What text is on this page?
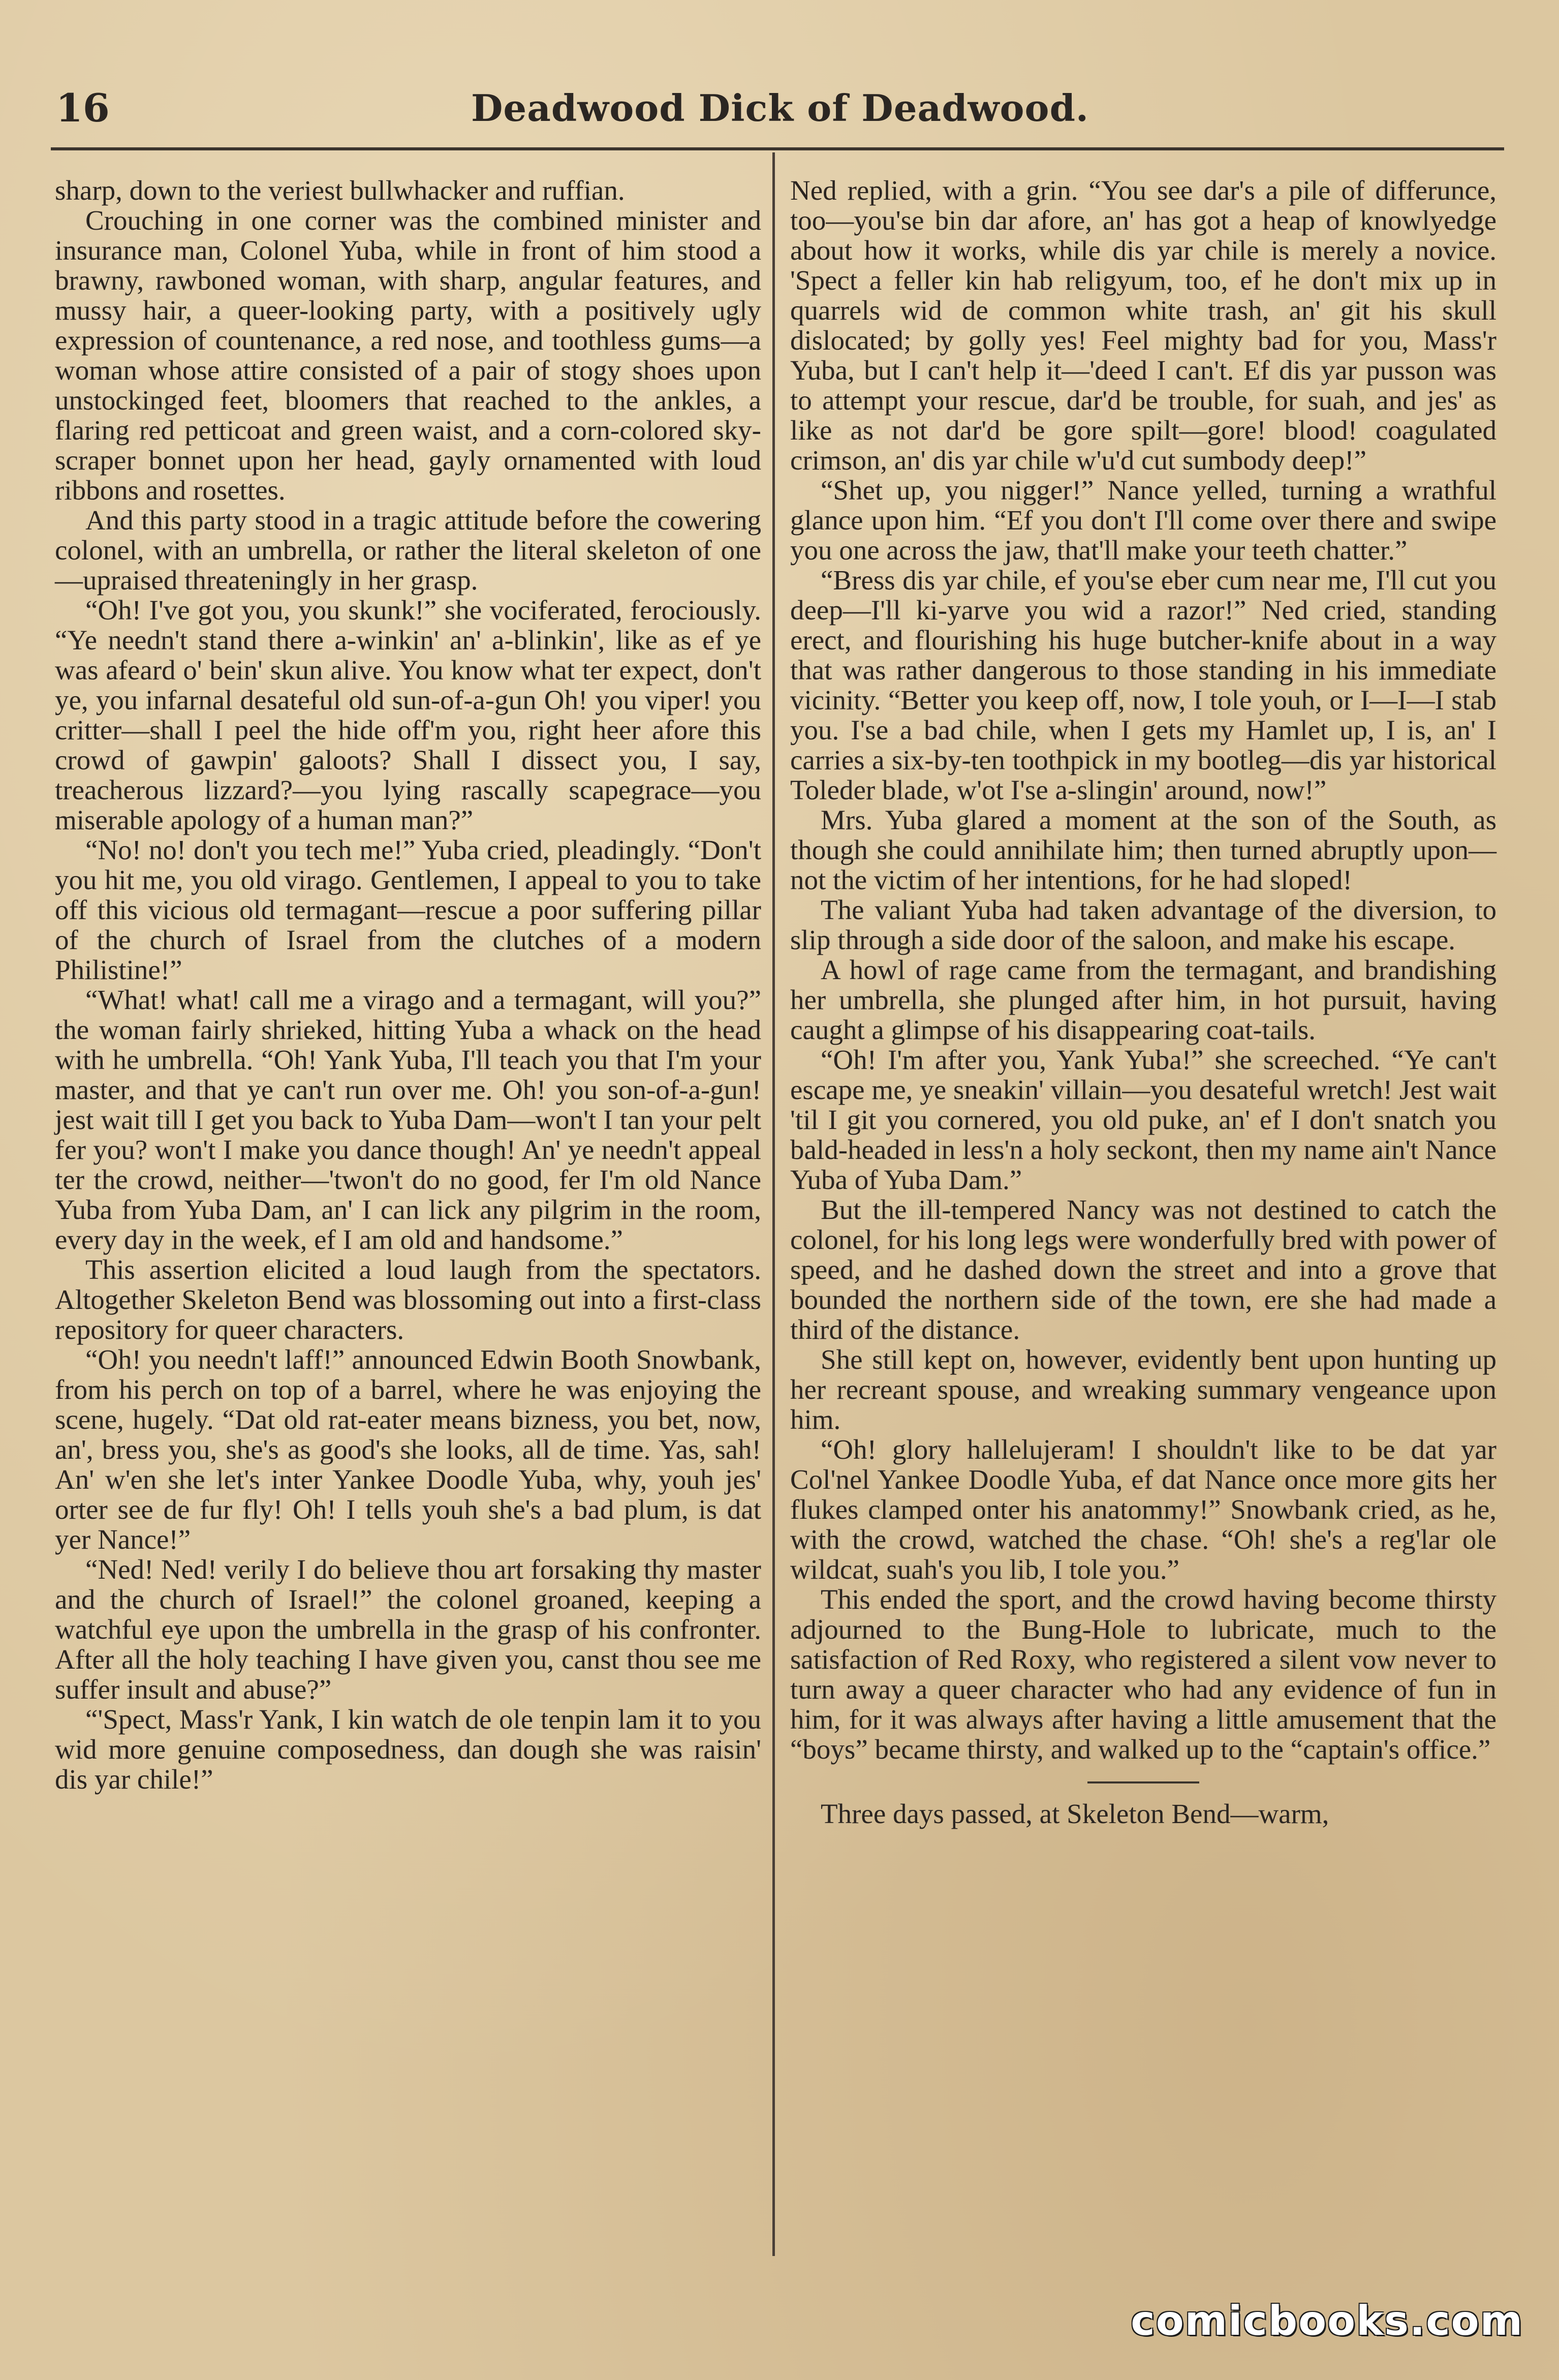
16	Deadwood Dick of Deadwood.

sharp, down to the veriest bullwhacker and ruffian.

Crouching in one corner was the combined minister and insurance man, Colonel Yuba, while in front of him stood a brawny, rawboned woman, with sharp, angular features, and mussy hair, a queer-looking party, with a positively ugly expression of countenance, a red nose, and toothless gums—a woman whose attire consisted of a pair of stogy shoes upon unstockinged feet, bloomers that reached to the ankles, a flaring red petticoat and green waist, and a corn-colored sky-scraper bonnet upon her head, gayly ornamented with loud ribbons and rosettes.

And this party stood in a tragic attitude before the cowering colonel, with an umbrella, or rather the literal skeleton of one—upraised threateningly in her grasp.

“Oh! I've got you, you skunk!” she vociferated, ferociously. “Ye needn't stand there a-winkin' an' a-blinkin', like as ef ye was afeard o' bein' skun alive. You know what ter expect, don't ye, you infarnal desateful old sun-of-a-gun Oh! you viper! you critter—shall I peel the hide off'm you, right heer afore this crowd of gawpin' galoots? Shall I dissect you, I say, treacherous lizzard?—you lying rascally scapegrace—you miserable apology of a human man?”

“No! no! don't you tech me!” Yuba cried, pleadingly. “Don't you hit me, you old virago. Gentlemen, I appeal to you to take off this vicious old termagant—rescue a poor suffering pillar of the church of Israel from the clutches of a modern Philistine!”

“What! what! call me a virago and a termagant, will you?” the woman fairly shrieked, hitting Yuba a whack on the head with he umbrella. “Oh! Yank Yuba, I'll teach you that I'm your master, and that ye can't run over me. Oh! you son-of-a-gun! jest wait till I get you back to Yuba Dam—won't I tan your pelt fer you? won't I make you dance though! An' ye needn't appeal ter the crowd, neither—'twon't do no good, fer I'm old Nance Yuba from Yuba Dam, an' I can lick any pilgrim in the room, every day in the week, ef I am old and handsome.”

This assertion elicited a loud laugh from the spectators. Altogether Skeleton Bend was blossoming out into a first-class repository for queer characters.

“Oh! you needn't laff!” announced Edwin Booth Snowbank, from his perch on top of a barrel, where he was enjoying the scene, hugely. “Dat old rat-eater means bizness, you bet, now, an', bress you, she's as good's she looks, all de time. Yas, sah! An' w'en she let's inter Yankee Doodle Yuba, why, youh jes' orter see de fur fly! Oh! I tells youh she's a bad plum, is dat yer Nance!”

“Ned! Ned! verily I do believe thou art forsaking thy master and the church of Israel!” the colonel groaned, keeping a watchful eye upon the umbrella in the grasp of his confronter. After all the holy teaching I have given you, canst thou see me suffer insult and abuse?”

“'Spect, Mass'r Yank, I kin watch de ole tenpin lam it to you wid more genuine composedness, dan dough she was raisin' dis yar chile!”

Ned replied, with a grin. “You see dar's a pile of differunce, too—you'se bin dar afore, an' has got a heap of knowlyedge about how it works, while dis yar chile is merely a novice. 'Spect a feller kin hab religyum, too, ef he don't mix up in quarrels wid de common white trash, an' git his skull dislocated; by golly yes! Feel mighty bad for you, Mass'r Yuba, but I can't help it—'deed I can't. Ef dis yar pusson was to attempt your rescue, dar'd be trouble, for suah, and jes' as like as not dar'd be gore spilt—gore! blood! coagulated crimson, an' dis yar chile w'u'd cut sumbody deep!”

“Shet up, you nigger!” Nance yelled, turning a wrathful glance upon him. “Ef you don't I'll come over there and swipe you one across the jaw, that'll make your teeth chatter.”

“Bress dis yar chile, ef you'se eber cum near me, I'll cut you deep—I'll ki-yarve you wid a razor!” Ned cried, standing erect, and flourishing his huge butcher-knife about in a way that was rather dangerous to those standing in his immediate vicinity. “Better you keep off, now, I tole youh, or I—I—I stab you. I'se a bad chile, when I gets my Hamlet up, I is, an' I carries a six-by-ten toothpick in my bootleg—dis yar historical Toleder blade, w'ot I'se a-slingin' around, now!”

Mrs. Yuba glared a moment at the son of the South, as though she could annihilate him; then turned abruptly upon—not the victim of her intentions, for he had sloped!

The valiant Yuba had taken advantage of the diversion, to slip through a side door of the saloon, and make his escape.

A howl of rage came from the termagant, and brandishing her umbrella, she plunged after him, in hot pursuit, having caught a glimpse of his disappearing coat-tails.

“Oh! I'm after you, Yank Yuba!” she screeched. “Ye can't escape me, ye sneakin' villain—you desateful wretch! Jest wait 'til I git you cornered, you old puke, an' ef I don't snatch you bald-headed in less'n a holy seckont, then my name ain't Nance Yuba of Yuba Dam.”

But the ill-tempered Nancy was not destined to catch the colonel, for his long legs were wonderfully bred with power of speed, and he dashed down the street and into a grove that bounded the northern side of the town, ere she had made a third of the distance.

She still kept on, however, evidently bent upon hunting up her recreant spouse, and wreaking summary vengeance upon him.

“Oh! glory hallelujeram! I shouldn't like to be dat yar Col'nel Yankee Doodle Yuba, ef dat Nance once more gits her flukes clamped onter his anatommy!” Snowbank cried, as he, with the crowd, watched the chase. “Oh! she's a reg'lar ole wildcat, suah's you lib, I tole you.”

This ended the sport, and the crowd having become thirsty adjourned to the Bung-Hole to lubricate, much to the satisfaction of Red Roxy, who registered a silent vow never to turn away a queer character who had any evidence of fun in him, for it was always after having a little amusement that the “boys” became thirsty, and walked up to the “captain's office.”

Three days passed, at Skeleton Bend—warm,

comicbooks.com
